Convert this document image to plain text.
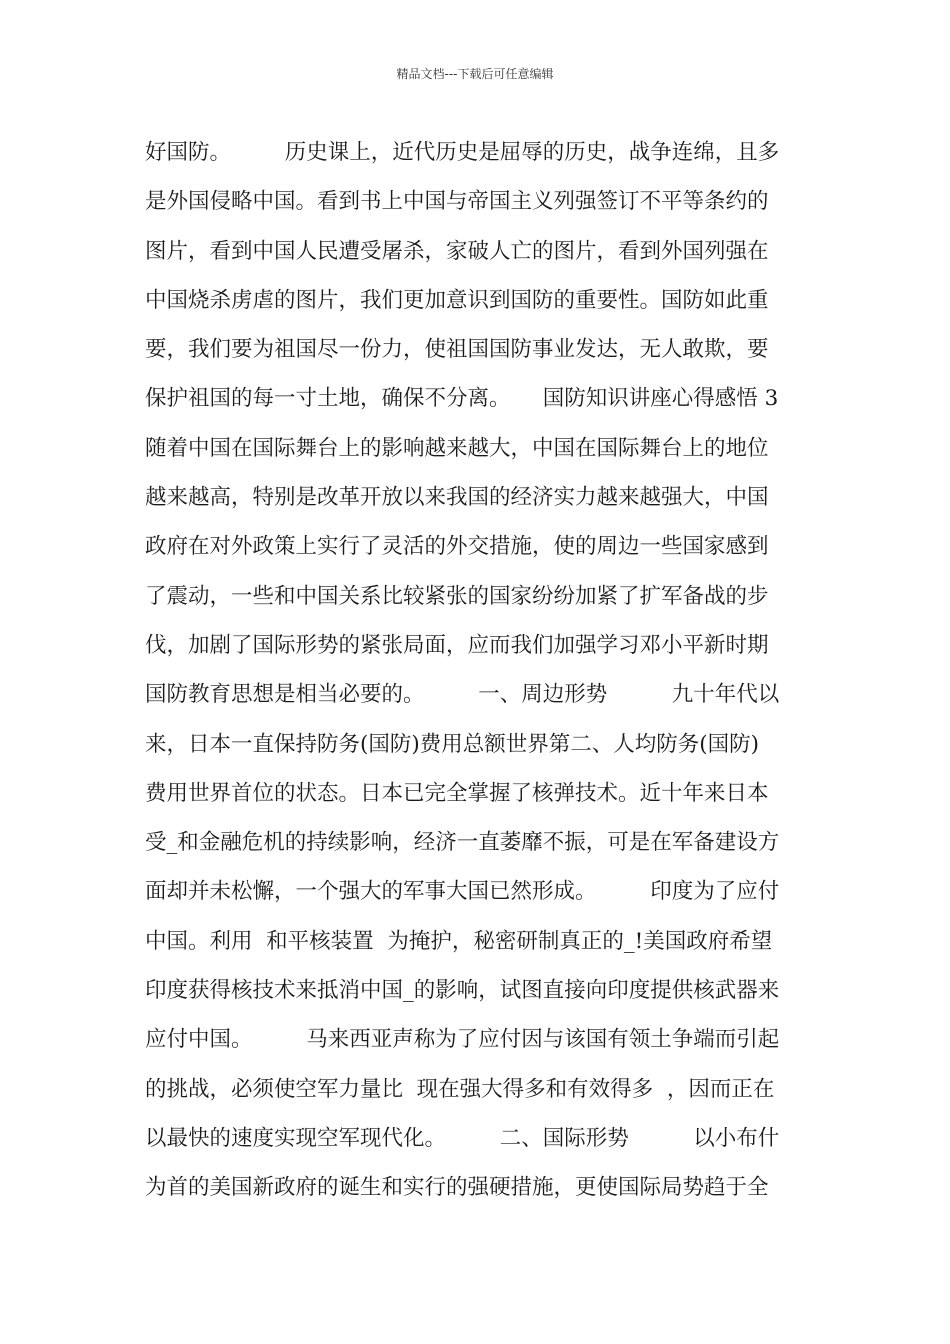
精品文档---下载后可任意编辑
好国防。　　　历史课上，近代历史是屈辱的历史，战争连绵，且多
是外国侵略中国。看到书上中国与帝国主义列强签订不平等条约的
图片，看到中国人民遭受屠杀，家破人亡的图片，看到外国列强在
中国烧杀虏虐的图片，我们更加意识到国防的重要性。国防如此重
要，我们要为祖国尽一份力，使祖国国防事业发达，无人敢欺，要
保护祖国的每一寸土地，确保不分离。　　国防知识讲座心得感悟 3
随着中国在国际舞台上的影响越来越大，中国在国际舞台上的地位
越来越高，特别是改革开放以来我国的经济实力越来越强大，中国
政府在对外政策上实行了灵活的外交措施，使的周边一些国家感到
了震动，一些和中国关系比较紧张的国家纷纷加紧了扩军备战的步
伐，加剧了国际形势的紧张局面，应而我们加强学习邓小平新时期
国防教育思想是相当必要的。　　　一、周边形势　　　九十年代以
来，日本一直保持防务(国防)费用总额世界第二、人均防务(国防)
费用世界首位的状态。日本已完全掌握了核弹技术。近十年来日本
受_和金融危机的持续影响，经济一直萎靡不振，可是在军备建设方
面却并未松懈，一个强大的军事大国已然形成。　　　印度为了应付
中国。利用  和平核装置  为掩护，秘密研制真正的_!美国政府希望
印度获得核技术来抵消中国_的影响，试图直接向印度提供核武器来
应付中国。　　　马来西亚声称为了应付因与该国有领土争端而引起
的挑战，必须使空军力量比  现在强大得多和有效得多  ，因而正在
以最快的速度实现空军现代化。　　　二、国际形势　　　以小布什
为首的美国新政府的诞生和实行的强硬措施，更使国际局势趋于全
